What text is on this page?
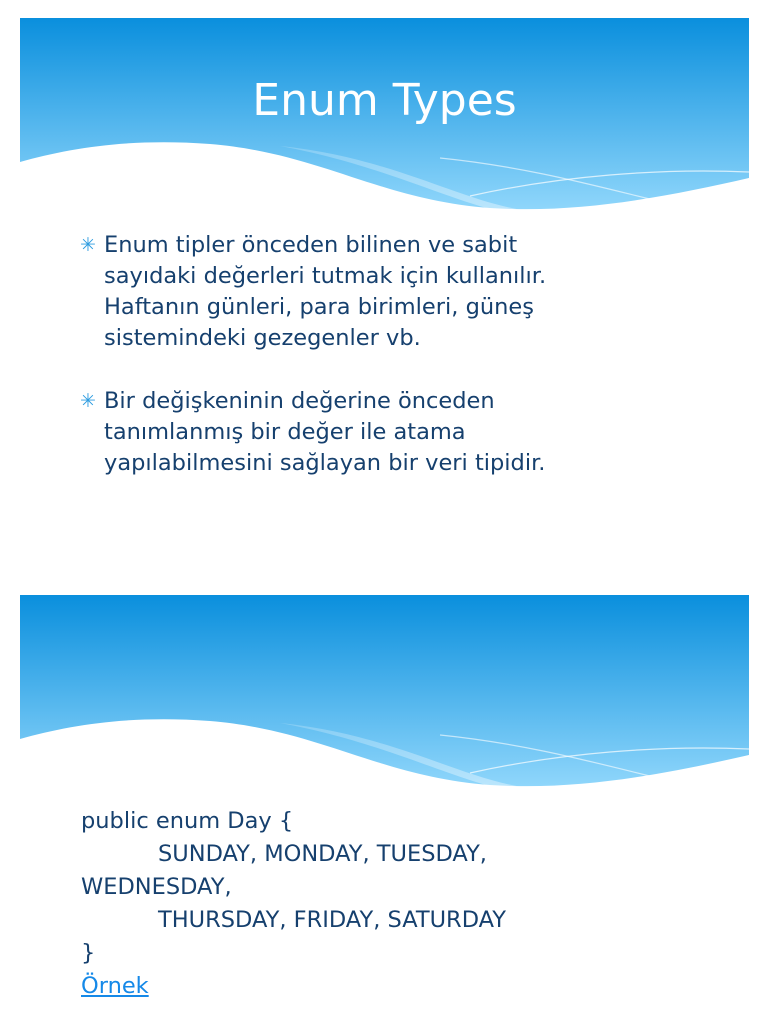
Enum Types
✳ Enum tipler önceden bilinen ve sabit
sayıdaki değerleri tutmak için kullanılır.
Haftanın günleri, para birimleri, güneş
sistemindeki gezegenler vb.
✳ Bir değişkeninin değerine önceden
tanımlanmış bir değer ile atama
yapılabilmesini sağlayan bir veri tipidir.
public enum Day {
SUNDAY, MONDAY, TUESDAY,
WEDNESDAY,
THURSDAY, FRIDAY, SATURDAY
}
Örnek
